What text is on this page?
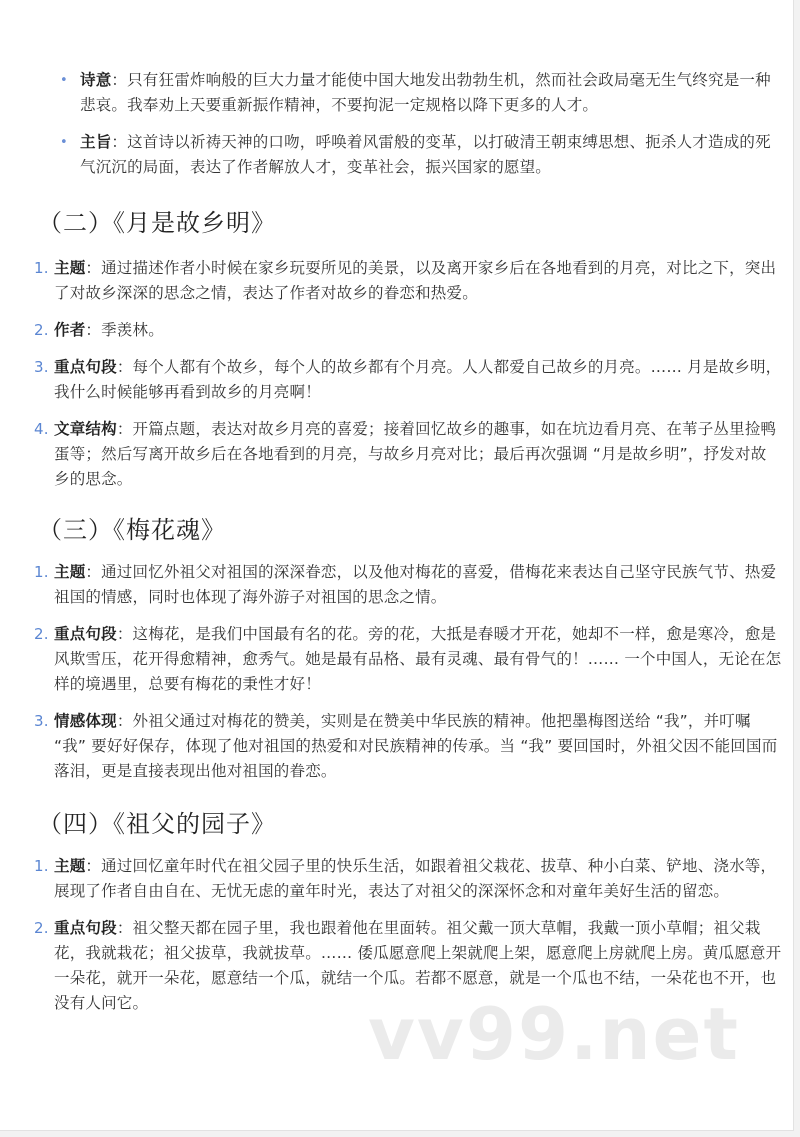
vv99.net
• 诗意：只有狂雷炸响般的巨大力量才能使中国大地发出勃勃生机，然而社会政局毫无生气终究是一种悲哀。我奉劝上天要重新振作精神，不要拘泥一定规格以降下更多的人才。
• 主旨：这首诗以祈祷天神的口吻，呼唤着风雷般的变革，以打破清王朝束缚思想、扼杀人才造成的死气沉沉的局面，表达了作者解放人才，变革社会，振兴国家的愿望。
（二）《月是故乡明》
1. 主题：通过描述作者小时候在家乡玩耍所见的美景，以及离开家乡后在各地看到的月亮，对比之下，突出了对故乡深深的思念之情，表达了作者对故乡的眷恋和热爱。
2. 作者：季羡林。
3. 重点句段：每个人都有个故乡，每个人的故乡都有个月亮。人人都爱自己故乡的月亮。…… 月是故乡明，我什么时候能够再看到故乡的月亮啊！
4. 文章结构：开篇点题，表达对故乡月亮的喜爱；接着回忆故乡的趣事，如在坑边看月亮、在苇子丛里捡鸭蛋等；然后写离开故乡后在各地看到的月亮，与故乡月亮对比；最后再次强调 “月是故乡明”，抒发对故乡的思念。
（三）《梅花魂》
1. 主题：通过回忆外祖父对祖国的深深眷恋，以及他对梅花的喜爱，借梅花来表达自己坚守民族气节、热爱祖国的情感，同时也体现了海外游子对祖国的思念之情。
2. 重点句段：这梅花，是我们中国最有名的花。旁的花，大抵是春暖才开花，她却不一样，愈是寒冷，愈是风欺雪压，花开得愈精神，愈秀气。她是最有品格、最有灵魂、最有骨气的！…… 一个中国人，无论在怎样的境遇里，总要有梅花的秉性才好！
3. 情感体现：外祖父通过对梅花的赞美，实则是在赞美中华民族的精神。他把墨梅图送给 “我”，并叮嘱 “我” 要好好保存，体现了他对祖国的热爱和对民族精神的传承。当 “我” 要回国时，外祖父因不能回国而落泪，更是直接表现出他对祖国的眷恋。
（四）《祖父的园子》
1. 主题：通过回忆童年时代在祖父园子里的快乐生活，如跟着祖父栽花、拔草、种小白菜、铲地、浇水等，展现了作者自由自在、无忧无虑的童年时光，表达了对祖父的深深怀念和对童年美好生活的留恋。
2. 重点句段：祖父整天都在园子里，我也跟着他在里面转。祖父戴一顶大草帽，我戴一顶小草帽；祖父栽花，我就栽花；祖父拔草，我就拔草。…… 倭瓜愿意爬上架就爬上架，愿意爬上房就爬上房。黄瓜愿意开一朵花，就开一朵花，愿意结一个瓜，就结一个瓜。若都不愿意，就是一个瓜也不结，一朵花也不开，也没有人问它。
